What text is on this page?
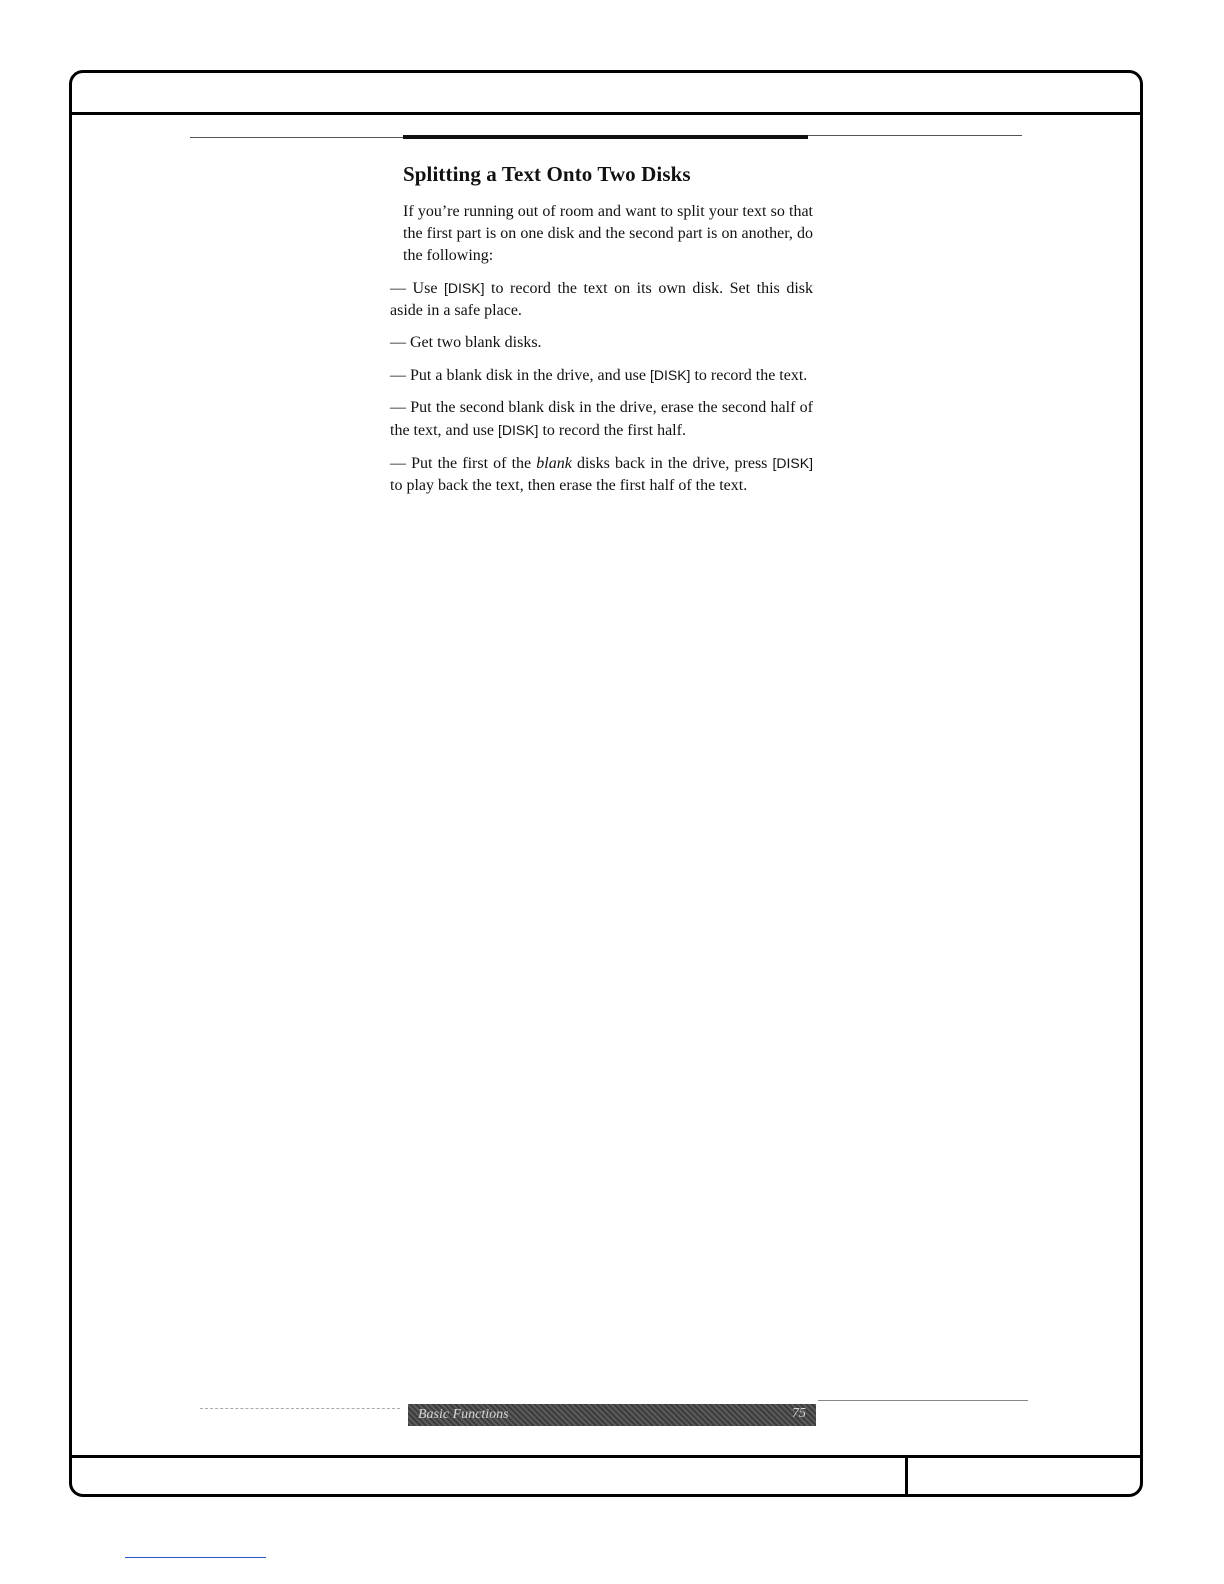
Splitting a Text Onto Two Disks

If you’re running out of room and want to split your text so that the first part is on one disk and the second part is on another, do the following:

— Use [DISK] to record the text on its own disk. Set this disk aside in a safe place.

— Get two blank disks.

— Put a blank disk in the drive, and use [DISK] to record the text.

— Put the second blank disk in the drive, erase the second half of the text, and use [DISK] to record the first half.

— Put the first of the blank disks back in the drive, press [DISK] to play back the text, then erase the first half of the text.

Basic Functions	75
